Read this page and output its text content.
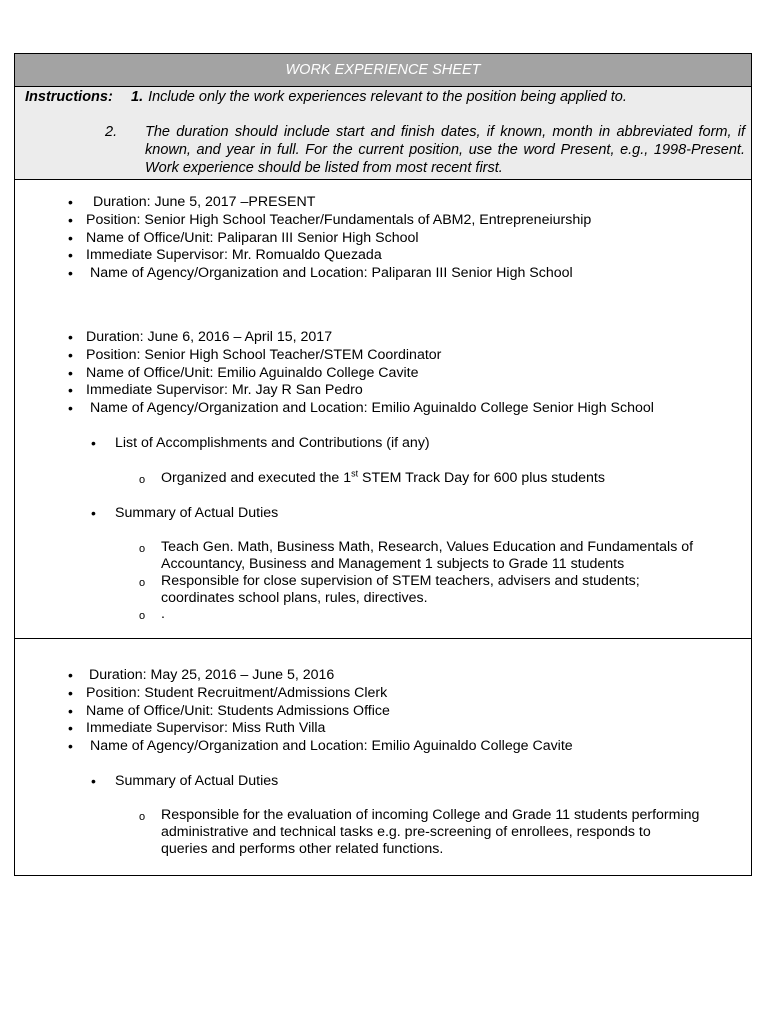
WORK EXPERIENCE SHEET
Instructions: 1. Include only the work experiences relevant to the position being applied to.

2. The duration should include start and finish dates, if known, month in abbreviated form, if known, and year in full. For the current position, use the word Present, e.g., 1998-Present. Work experience should be listed from most recent first.

• Duration: June 5, 2017 –PRESENT
• Position: Senior High School Teacher/Fundamentals of ABM2, Entrepreneiurship
• Name of Office/Unit: Paliparan III Senior High School
• Immediate Supervisor: Mr. Romualdo Quezada
• Name of Agency/Organization and Location: Paliparan III Senior High School
• Duration: June 6, 2016 – April 15, 2017
• Position: Senior High School Teacher/STEM Coordinator
• Name of Office/Unit: Emilio Aguinaldo College Cavite
• Immediate Supervisor: Mr. Jay R San Pedro
• Name of Agency/Organization and Location: Emilio Aguinaldo College Senior High School
• List of Accomplishments and Contributions (if any)
o Organized and executed the 1st STEM Track Day for 600 plus students
• Summary of Actual Duties
o Teach Gen. Math, Business Math, Research, Values Education and Fundamentals of Accountancy, Business and Management 1 subjects to Grade 11 students
o Responsible for close supervision of STEM teachers, advisers and students; coordinates school plans, rules, directives.
o .
• Duration: May 25, 2016 – June 5, 2016
• Position: Student Recruitment/Admissions Clerk
• Name of Office/Unit: Students Admissions Office
• Immediate Supervisor: Miss Ruth Villa
• Name of Agency/Organization and Location: Emilio Aguinaldo College Cavite
• Summary of Actual Duties
o Responsible for the evaluation of incoming College and Grade 11 students performing administrative and technical tasks e.g. pre-screening of enrollees, responds to queries and performs other related functions.
